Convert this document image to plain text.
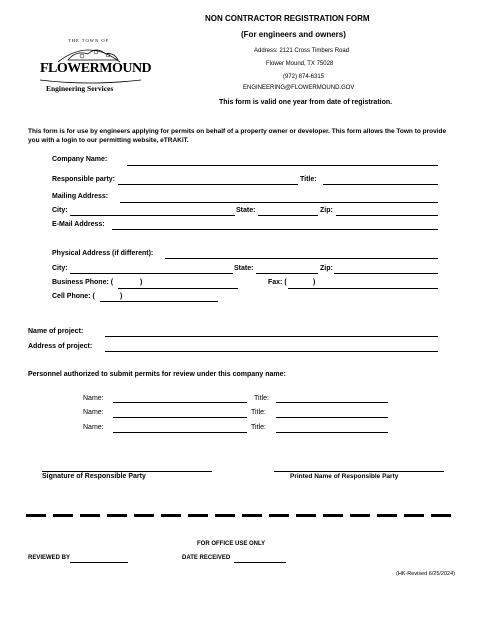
NON CONTRACTOR REGISTRATION FORM
(For engineers and owners)
Address: 2121 Cross Timbers Road
Flower Mound, TX 75028
(972) 874-6315
ENGINEERING@FLOWERMOUND.GOV
This form is valid one year from date of registration.
THE TOWN OF
FLOWERMOUND
Engineering Services
This form is for use by engineers applying for permits on behalf of a property owner or developer. This form allows the Town to provide you with a login to our permitting website, eTRAKiT.
Company Name:
Responsible party:	Title:
Mailing Address:
City:	State:	Zip:
E-Mail Address:
Physical Address (if different):
City:	State:	Zip:
Business Phone: (	)	Fax: (	)
Cell Phone: (	)
Name of project:
Address of project:
Personnel authorized to submit permits for review under this company name:
Name:	Title:
Name:	Title:
Name:	Title:
Signature of Responsible Party	Printed Name of Responsible Party
FOR OFFICE USE ONLY
REVIEWED BY	DATE RECEIVED
(HK-Revised 6/25/2024)
